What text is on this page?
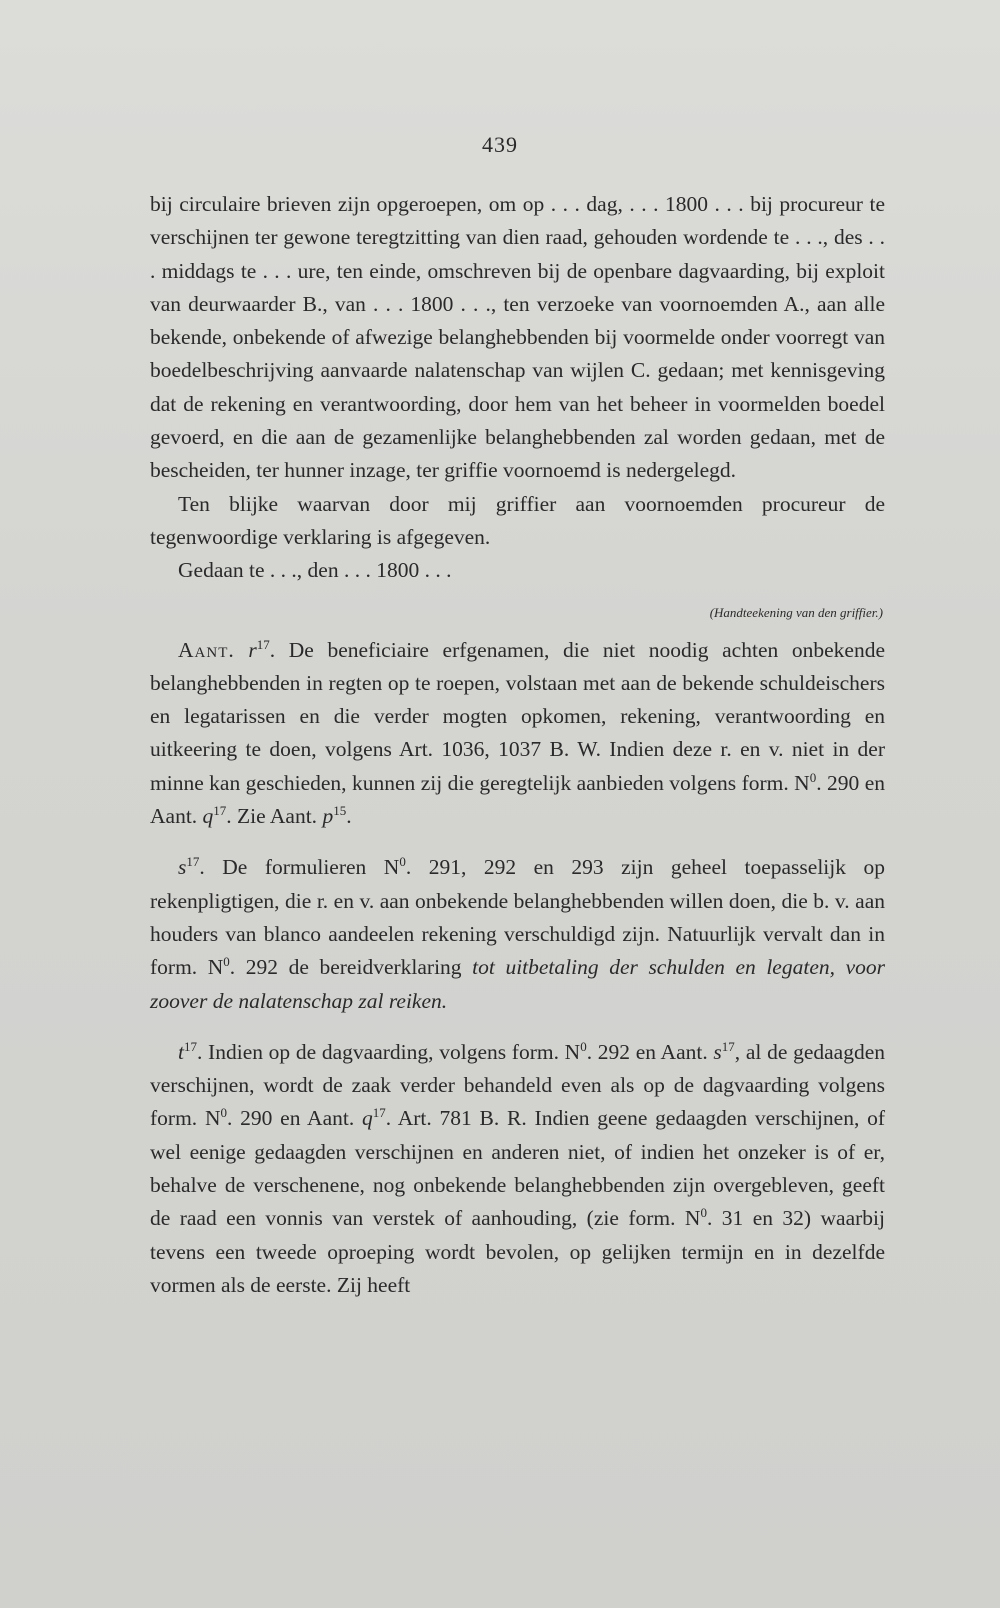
439

bij circulaire brieven zijn opgeroepen, om op . . . dag, . . . 1800 . . . bij procureur te verschijnen ter gewone teregtzitting van dien raad, gehouden wordende te . . ., des . . . middags te . . . ure, ten einde, omschreven bij de openbare dagvaarding, bij exploit van deurwaarder B., van . . . 1800 . . ., ten verzoeke van voornoemden A., aan alle bekende, onbekende of afwezige belanghebbenden bij voormelde onder voorregt van boedelbeschrijving aanvaarde nalatenschap van wijlen C. gedaan; met kennisgeving dat de rekening en verantwoording, door hem van het beheer in voormelden boedel gevoerd, en die aan de gezamenlijke belanghebbenden zal worden gedaan, met de bescheiden, ter hunner inzage, ter griffie voornoemd is nedergelegd.

Ten blijke waarvan door mij griffier aan voornoemden procureur de tegenwoordige verklaring is afgegeven.

Gedaan te . . ., den . . . 1800 . . .

(Handteekening van den griffier.)

Aant. $r^{17}$. De beneficiaire erfgenamen, die niet noodig achten onbekende belanghebbenden in regten op te roepen, volstaan met aan de bekende schuldeischers en legatarissen en die verder mogten opkomen, rekening, verantwoording en uitkeering te doen, volgens Art. 1036, 1037 B. W. Indien deze r. en v. niet in der minne kan geschieden, kunnen zij die geregtelijk aanbieden volgens form. $N^0$. 290 en Aant. $q^{17}$. Zie Aant. $p^{15}$.

$s^{17}$. De formulieren $N^0$. 291, 292 en 293 zijn geheel toepasselijk op rekenpligtigen, die r. en v. aan onbekende belanghebbenden willen doen, die b. v. aan houders van blanco aandeelen rekening verschuldigd zijn. Natuurlijk vervalt dan in form. $N^0$. 292 de bereidverklaring tot uitbetaling der schulden en legaten, voor zoover de nalatenschap zal reiken.

$t^{17}$. Indien op de dagvaarding, volgens form. $N^0$. 292 en Aant. $s^{17}$, al de gedaagden verschijnen, wordt de zaak verder behandeld even als op de dagvaarding volgens form. $N^0$. 290 en Aant. $q^{17}$. Art. 781 B. R. Indien geene gedaagden verschijnen, of wel eenige gedaagden verschijnen en anderen niet, of indien het onzeker is of er, behalve de verschenene, nog onbekende belanghebbenden zijn overgebleven, geeft de raad een vonnis van verstek of aanhouding, (zie form. $N^0$. 31 en 32) waarbij tevens een tweede oproeping wordt bevolen, op gelijken termijn en in dezelfde vormen als de eerste. Zij heeft
